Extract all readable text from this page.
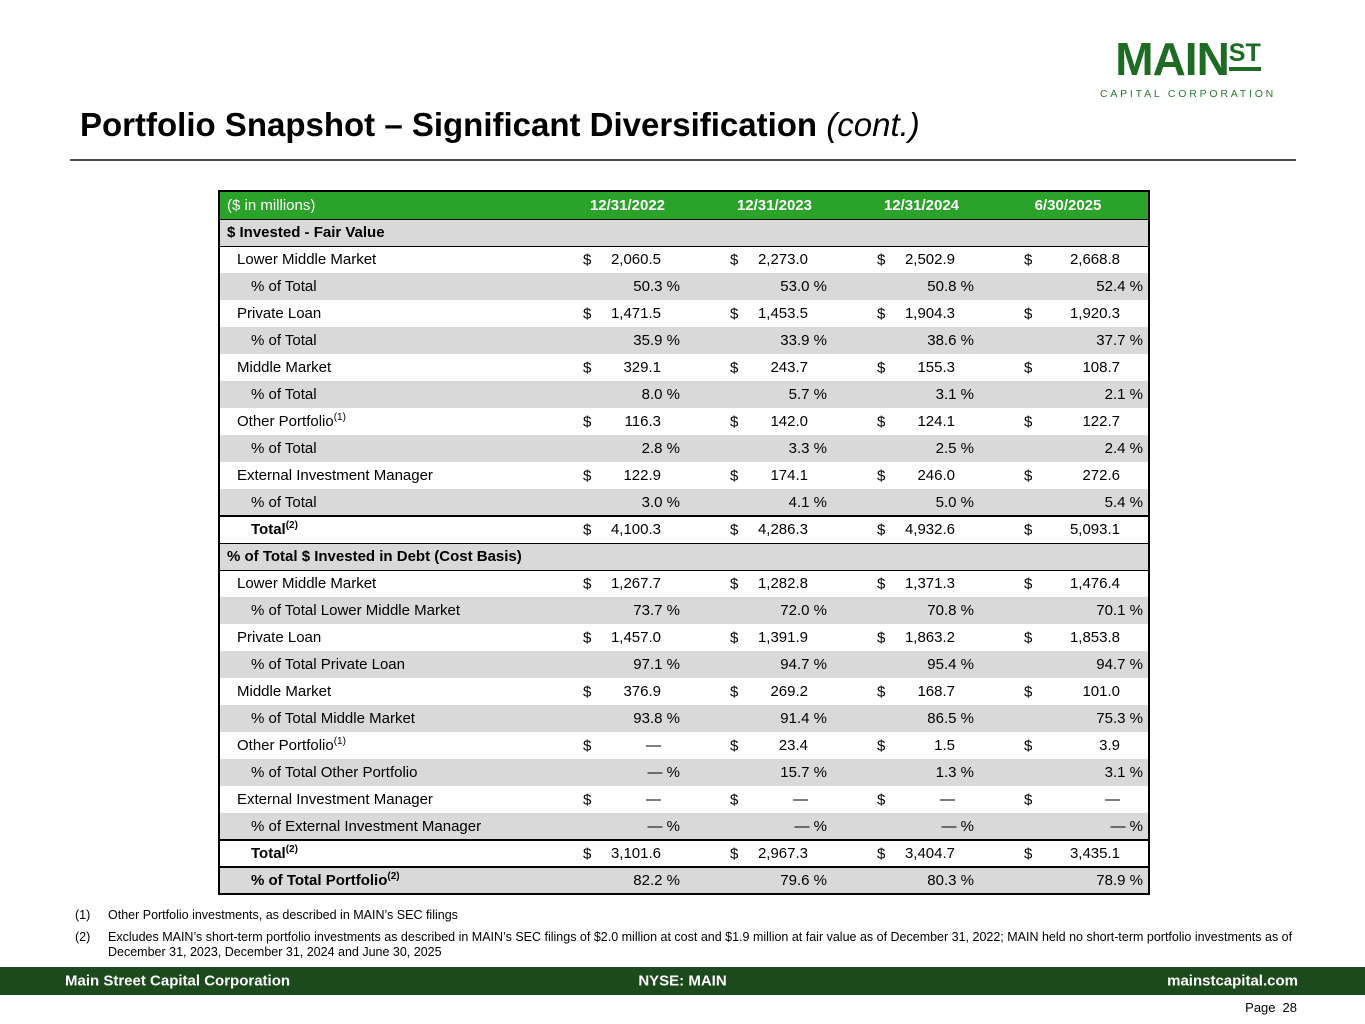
MAINST
CAPITAL CORPORATION
Portfolio Snapshot – Significant Diversification (cont.)
($ in millions)	12/31/2022	12/31/2023	12/31/2024	6/30/2025
$ Invested - Fair Value				
Lower Middle Market	$ 2,060.5	$ 2,273.0	$ 2,502.9	$ 2,668.8
% of Total	50.3 %	53.0 %	50.8 %	52.4 %
Private Loan	$ 1,471.5	$ 1,453.5	$ 1,904.3	$ 1,920.3
% of Total	35.9 %	33.9 %	38.6 %	37.7 %
Middle Market	$ 329.1	$ 243.7	$ 155.3	$ 108.7
% of Total	8.0 %	5.7 %	3.1 %	2.1 %
Other Portfolio$^{(1)}$	$ 116.3	$ 142.0	$ 124.1	$ 122.7
% of Total	2.8 %	3.3 %	2.5 %	2.4 %
External Investment Manager	$ 122.9	$ 174.1	$ 246.0	$ 272.6
% of Total	3.0 %	4.1 %	5.0 %	5.4 %
Total$^{(2)}$	$ 4,100.3	$ 4,286.3	$ 4,932.6	$ 5,093.1
% of Total $ Invested in Debt (Cost Basis)				
Lower Middle Market	$ 1,267.7	$ 1,282.8	$ 1,371.3	$ 1,476.4
% of Total Lower Middle Market	73.7 %	72.0 %	70.8 %	70.1 %
Private Loan	$ 1,457.0	$ 1,391.9	$ 1,863.2	$ 1,853.8
% of Total Private Loan	97.1 %	94.7 %	95.4 %	94.7 %
Middle Market	$ 376.9	$ 269.2	$ 168.7	$ 101.0
% of Total Middle Market	93.8 %	91.4 %	86.5 %	75.3 %
Other Portfolio$^{(1)}$	$ —	$ 23.4	$ 1.5	$ 3.9
% of Total Other Portfolio	— %	15.7 %	1.3 %	3.1 %
External Investment Manager	$ —	$ —	$ —	$ —
% of External Investment Manager	— %	— %	— %	— %
Total$^{(2)}$	$ 3,101.6	$ 2,967.3	$ 3,404.7	$ 3,435.1
% of Total Portfolio$^{(2)}$	82.2 %	79.6 %	80.3 %	78.9 %
(1)	Other Portfolio investments, as described in MAIN’s SEC filings
(2)	Excludes MAIN’s short-term portfolio investments as described in MAIN’s SEC filings of $2.0 million at cost and $1.9 million at fair value as of December 31, 2022; MAIN held no short-term portfolio investments as of December 31, 2023, December 31, 2024 and June 30, 2025
Main Street Capital Corporation	NYSE: MAIN	mainstcapital.com
Page 28
